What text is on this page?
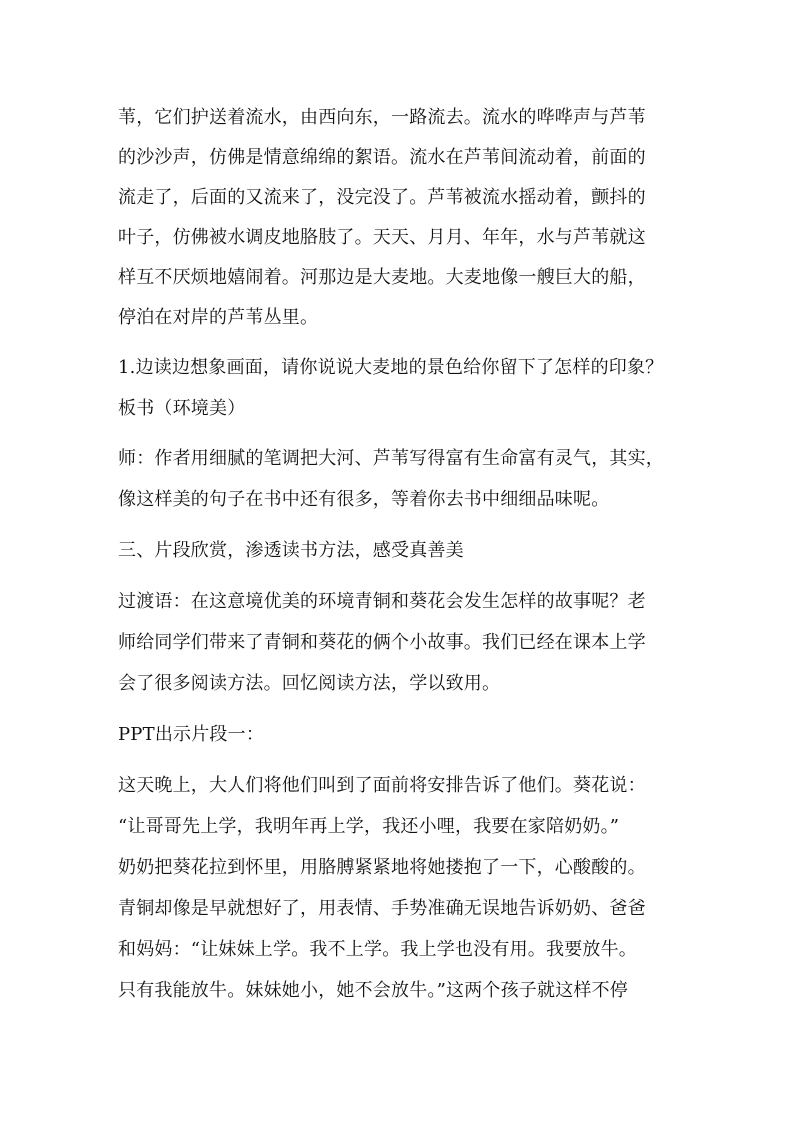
苇，它们护送着流水，由西向东，一路流去。流水的哗哗声与芦苇
的沙沙声，仿佛是情意绵绵的絮语。流水在芦苇间流动着，前面的
流走了，后面的又流来了，没完没了。芦苇被流水摇动着，颤抖的
叶子，仿佛被水调皮地胳肢了。天天、月月、年年，水与芦苇就这
样互不厌烦地嬉闹着。河那边是大麦地。大麦地像一艘巨大的船，
停泊在对岸的芦苇丛里。
1.边读边想象画面，请你说说大麦地的景色给你留下了怎样的印象？
板书（环境美）
师：作者用细腻的笔调把大河、芦苇写得富有生命富有灵气，其实，
像这样美的句子在书中还有很多，等着你去书中细细品味呢。
三、片段欣赏，渗透读书方法，感受真善美
过渡语：在这意境优美的环境青铜和葵花会发生怎样的故事呢？老
师给同学们带来了青铜和葵花的俩个小故事。我们已经在课本上学
会了很多阅读方法。回忆阅读方法，学以致用。
PPT出示片段一：
这天晚上，大人们将他们叫到了面前将安排告诉了他们。葵花说：
“让哥哥先上学，我明年再上学，我还小哩，我要在家陪奶奶。”
奶奶把葵花拉到怀里，用胳膊紧紧地将她搂抱了一下，心酸酸的。
青铜却像是早就想好了，用表情、手势准确无误地告诉奶奶、爸爸
和妈妈：“让妹妹上学。我不上学。我上学也没有用。我要放牛。
只有我能放牛。妹妹她小，她不会放牛。”这两个孩子就这样不停
